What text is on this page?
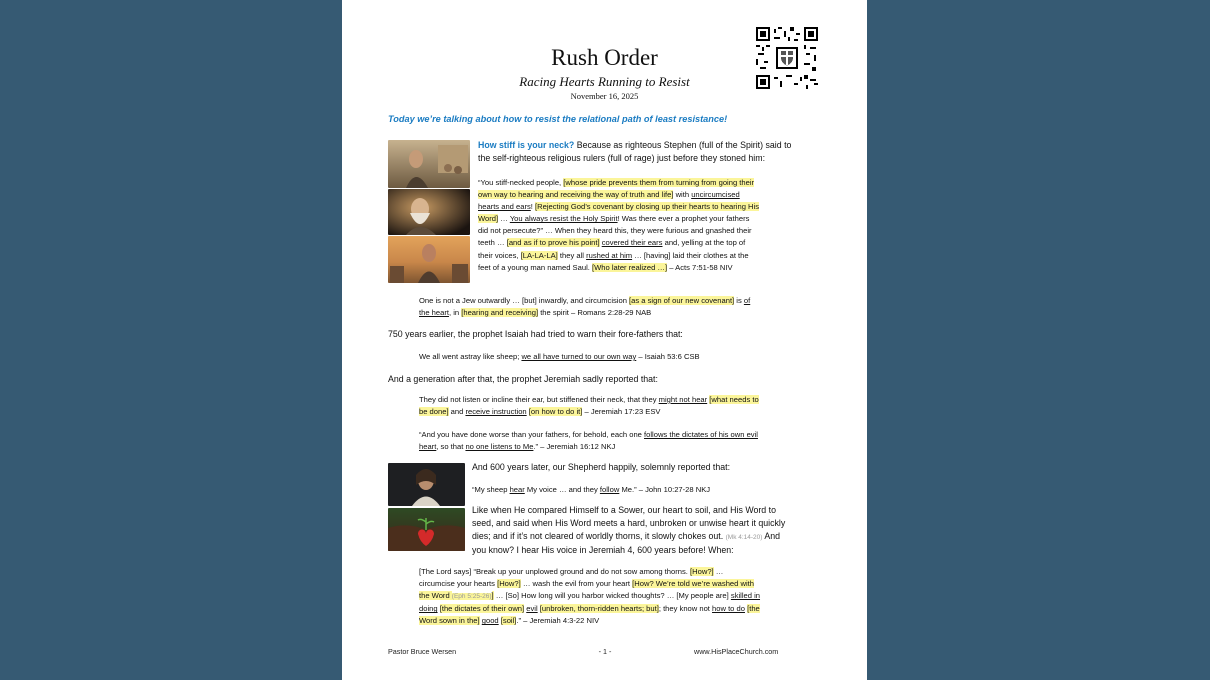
Rush Order
Racing Hearts Running to Resist
November 16, 2025
Today we’re talking about how to resist the relational path of least resistance!
How stiff is your neck? Because as righteous Stephen (full of the Spirit) said to the self-righteous religious rulers (full of rage) just before they stoned him:
“You stiff-necked people, [whose pride prevents them from turning from going their own way to hearing and receiving the way of truth and life] with uncircumcised hearts and ears! [Rejecting God’s covenant by closing up their hearts to hearing His Word] … You always resist the Holy Spirit! Was there ever a prophet your fathers did not persecute?” … When they heard this, they were furious and gnashed their teeth … [and as if to prove his point] covered their ears and, yelling at the top of their voices, [LA-LA-LA] they all rushed at him … [having] laid their clothes at the feet of a young man named Saul. [Who later realized …] – Acts 7:51-58 NIV
One is not a Jew outwardly … [but] inwardly, and circumcision [as a sign of our new covenant] is of the heart, in [hearing and receiving] the spirit – Romans 2:28-29 NAB
750 years earlier, the prophet Isaiah had tried to warn their fore-fathers that:
We all went astray like sheep; we all have turned to our own way – Isaiah 53:6 CSB
And a generation after that, the prophet Jeremiah sadly reported that:
They did not listen or incline their ear, but stiffened their neck, that they might not hear [what needs to be done] and receive instruction [on how to do it] – Jeremiah 17:23 ESV
“And you have done worse than your fathers, for behold, each one follows the dictates of his own evil heart, so that no one listens to Me.” – Jeremiah 16:12 NKJ
And 600 years later, our Shepherd happily, solemnly reported that:
“My sheep hear My voice … and they follow Me.” – John 10:27-28 NKJ
Like when He compared Himself to a Sower, our heart to soil, and His Word to seed, and said when His Word meets a hard, unbroken or unwise heart it quickly dies; and if it’s not cleared of worldly thorns, it slowly chokes out. (Mk 4:14-20) And you know? I hear His voice in Jeremiah 4, 600 years before! When:
[The Lord says] “Break up your unplowed ground and do not sow among thorns. [How?] … circumcise your hearts [How?] … wash the evil from your heart [How? We’re told we’re washed with the Word (Eph 5:25-26)] … [So] How long will you harbor wicked thoughts? … [My people are] skilled in doing [the dictates of their own] evil [unbroken, thorn-ridden hearts; but]; they know not how to do [the Word sown in the] good [soil].” – Jeremiah 4:3-22 NIV
Pastor Bruce Wersen	- 1 -	www.HisPlaceChurch.com
